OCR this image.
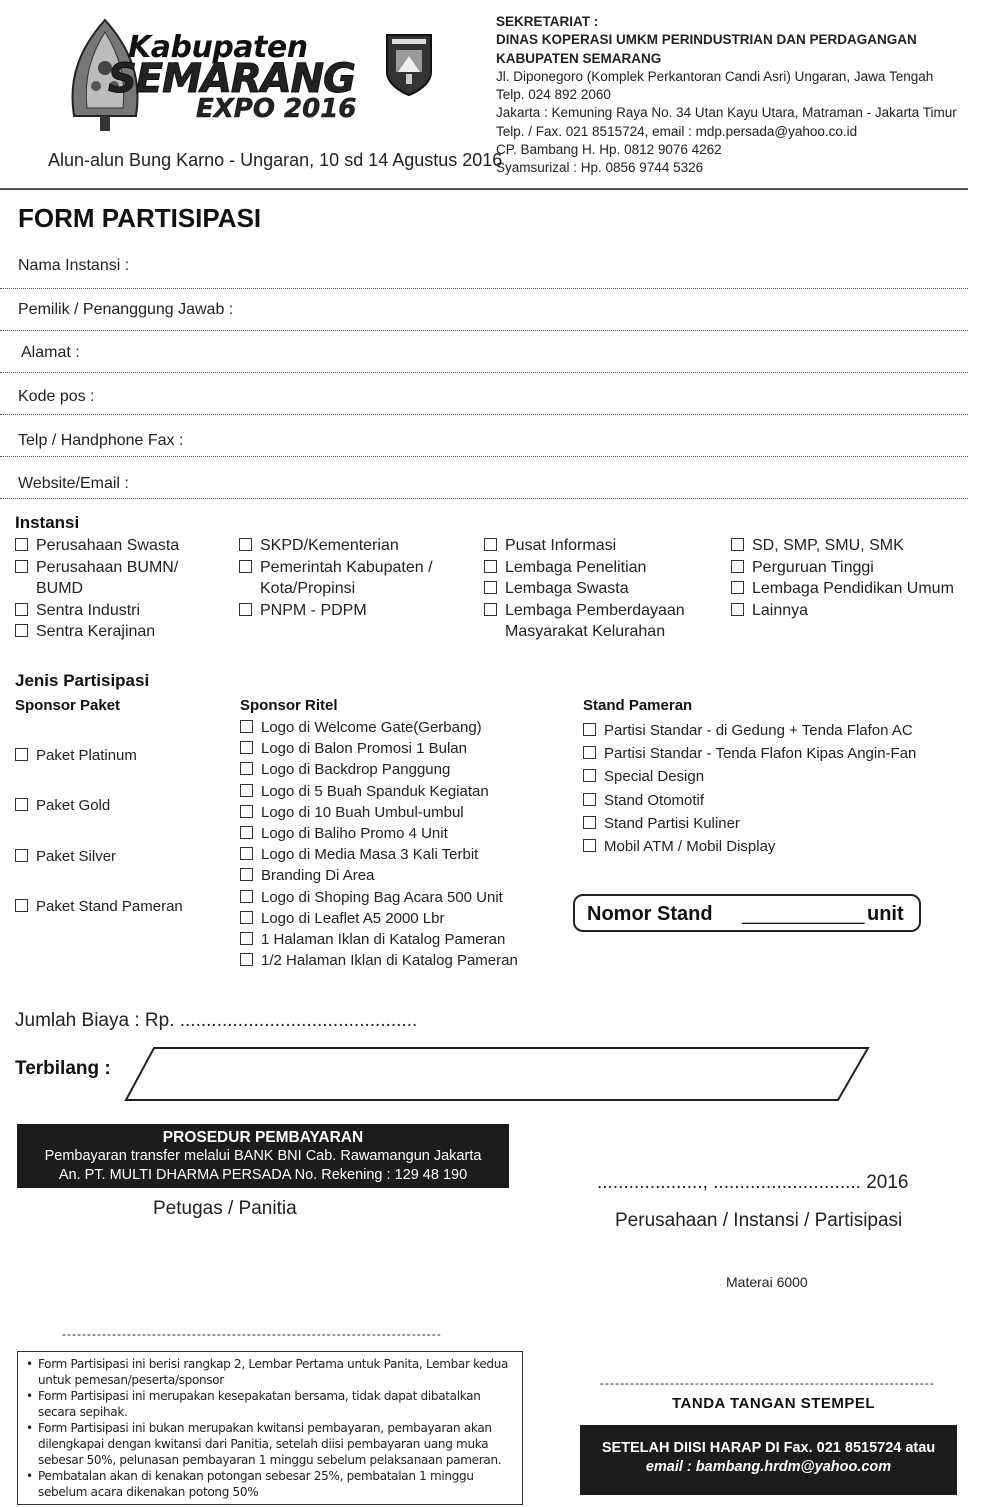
Kabupaten
SEMARANG
EXPO 2016
Alun-alun Bung Karno - Ungaran, 10 sd 14 Agustus 2016
SEKRETARIAT :
DINAS KOPERASI UMKM PERINDUSTRIAN DAN PERDAGANGAN
KABUPATEN SEMARANG
Jl. Diponegoro (Komplek Perkantoran Candi Asri) Ungaran, Jawa Tengah
Telp. 024 892 2060
Jakarta : Kemuning Raya No. 34 Utan Kayu Utara, Matraman - Jakarta Timur
Telp. / Fax. 021 8515724, email : mdp.persada@yahoo.co.id
CP. Bambang H. Hp. 0812 9076 4262
Syamsurizal : Hp. 0856 9744 5326
FORM PARTISIPASI
Nama Instansi :
Pemilik / Penanggung Jawab :
Alamat :
Kode pos :
Telp / Handphone Fax :
Website/Email :
Instansi
Perusahaan Swasta
Perusahaan BUMN/
BUMD
Sentra Industri
Sentra Kerajinan
SKPD/Kementerian
Pemerintah Kabupaten /
Kota/Propinsi
PNPM - PDPM
Pusat Informasi
Lembaga Penelitian
Lembaga Swasta
Lembaga Pemberdayaan
Masyarakat Kelurahan
SD, SMP, SMU, SMK
Perguruan Tinggi
Lembaga Pendidikan Umum
Lainnya
Jenis Partisipasi
Sponsor Paket
Paket Platinum
Paket Gold
Paket Silver
Paket Stand Pameran
Sponsor Ritel
Logo di Welcome Gate(Gerbang)
Logo di Balon Promosi 1 Bulan
Logo di Backdrop Panggung
Logo di 5 Buah Spanduk Kegiatan
Logo di 10 Buah Umbul-umbul
Logo di Baliho Promo 4 Unit
Logo di Media Masa 3 Kali Terbit
Branding Di Area
Logo di Shoping Bag Acara 500 Unit
Logo di Leaflet A5 2000 Lbr
1 Halaman Iklan di Katalog Pameran
1/2 Halaman Iklan di Katalog Pameran
Stand Pameran
Partisi Standar - di Gedung + Tenda Flafon AC
Partisi Standar - Tenda Flafon Kipas Angin-Fan
Special Design
Stand Otomotif
Stand Partisi Kuliner
Mobil ATM / Mobil Display
Nomor Stand ___________ unit
Jumlah Biaya : Rp. .............................................
Terbilang :
PROSEDUR PEMBAYARAN
Pembayaran transfer melalui BANK BNI Cab. Rawamangun Jakarta
An. PT. MULTI DHARMA PERSADA No. Rekening : 129 48 190
Petugas / Panitia
...................., ............................ 2016
Perusahaan / Instansi / Partisipasi
Materai 6000
----------------------------------------------------------------------------
-------------------------------------------------------------------
TANDA TANGAN STEMPEL
• Form Partisipasi ini berisi rangkap 2, Lembar Pertama untuk Panita, Lembar kedua untuk pemesan/peserta/sponsor
• Form Partisipasi ini merupakan kesepakatan bersama, tidak dapat dibatalkan secara sepihak.
• Form Partisipasi ini bukan merupakan kwitansi pembayaran, pembayaran akan dilengkapai dengan kwitansi dari Panitia, setelah diisi pembayaran uang muka sebesar 50%, pelunasan pembayaran 1 minggu sebelum pelaksanaan pameran.
• Pembatalan akan di kenakan potongan sebesar 25%, pembatalan 1 minggu sebelum acara dikenakan potong 50%
SETELAH DIISI HARAP DI Fax. 021 8515724 atau
email : bambang.hrdm@yahoo.com
